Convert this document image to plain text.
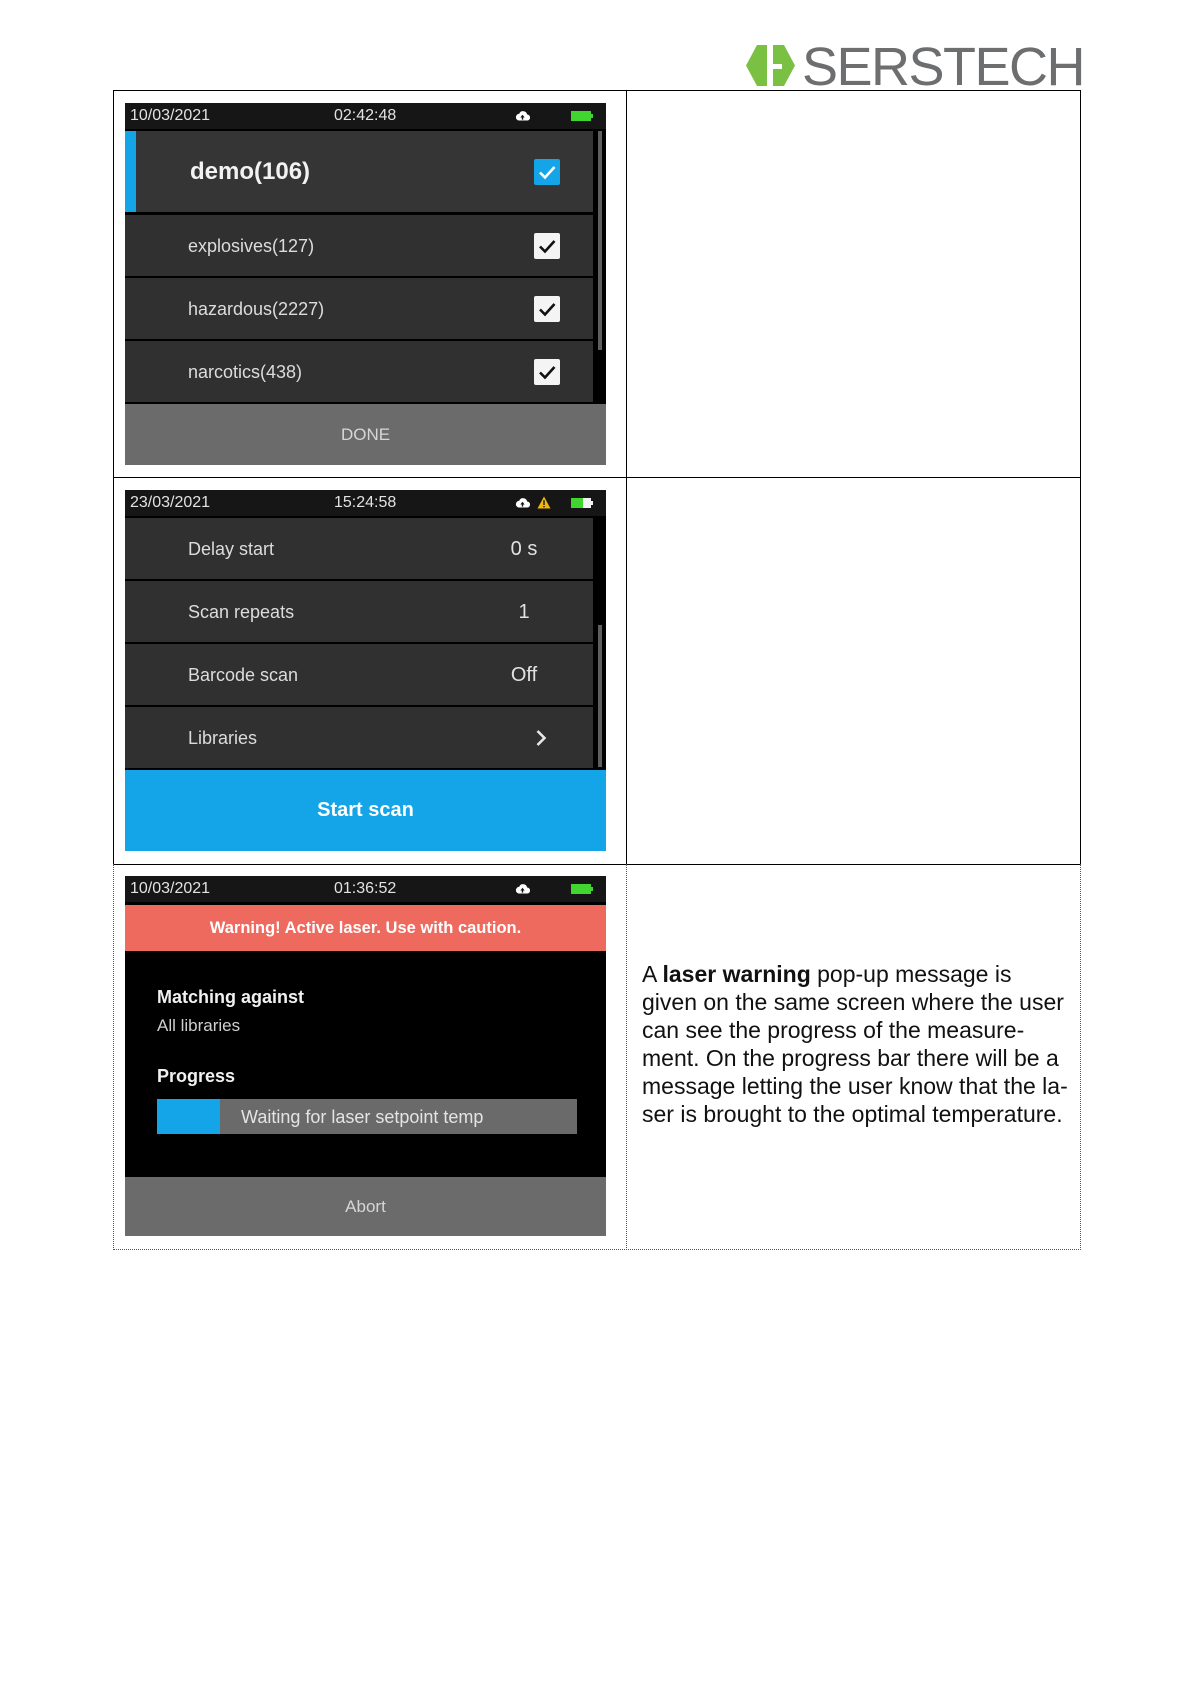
SERSTECH
10/03/2021	02:42:48
demo(106)
explosives(127)
hazardous(2227)
narcotics(438)
DONE
23/03/2021	15:24:58
Delay start	0 s
Scan repeats	1
Barcode scan	Off
Libraries
Start scan
10/03/2021	01:36:52
Warning! Active laser. Use with caution.
Matching against
All libraries
Progress
Waiting for laser setpoint temp
Abort
A laser warning pop-up message is
given on the same screen where the user
can see the progress of the measure-
ment. On the progress bar there will be a
message letting the user know that the la-
ser is brought to the optimal temperature.
